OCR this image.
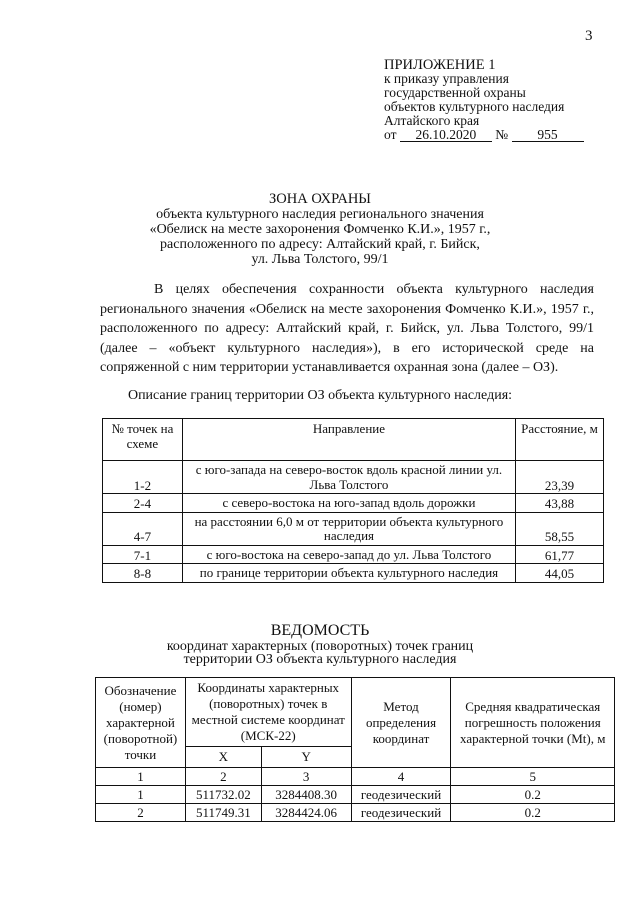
3
ПРИЛОЖЕНИЕ 1
к приказу управления
государственной охраны
объектов культурного наследия
Алтайского края
от 26.10.2020 № 955
ЗОНА ОХРАНЫ
объекта культурного наследия регионального значения
«Обелиск на месте захоронения Фомченко К.И.», 1957 г.,
расположенного по адресу: Алтайский край, г. Бийск,
ул. Льва Толстого, 99/1

В целях обеспечения сохранности объекта культурного наследия регионального значения «Обелиск на месте захоронения Фомченко К.И.», 1957 г., расположенного по адресу: Алтайский край, г. Бийск, ул. Льва Толстого, 99/1 (далее – «объект культурного наследия»), в его исторической среде на сопряженной с ним территории устанавливается охранная зона (далее – ОЗ).

Описание границ территории ОЗ объекта культурного наследия:
№ точек на схеме	Направление	Расстояние, м
1-2	с юго-запада на северо-восток вдоль красной линии ул. Льва Толстого	23,39
2-4	с северо-востока на юго-запад вдоль дорожки	43,88
4-7	на расстоянии 6,0 м от территории объекта культурного наследия	58,55
7-1	с юго-востока на северо-запад до ул. Льва Толстого	61,77
8-8	по границе территории объекта культурного наследия	44,05
ВЕДОМОСТЬ
координат характерных (поворотных) точек границ
территории ОЗ объекта культурного наследия
Обозначение (номер) характерной (поворотной) точки	Координаты характерных (поворотных) точек в местной системе координат (МСК-22)		Метод определения координат	Средняя квадратическая погрешность положения характерной точки (Mt), м
	X	Y		
1	2	3	4	5
1	511732.02	3284408.30	геодезический	0.2
2	511749.31	3284424.06	геодезический	0.2
